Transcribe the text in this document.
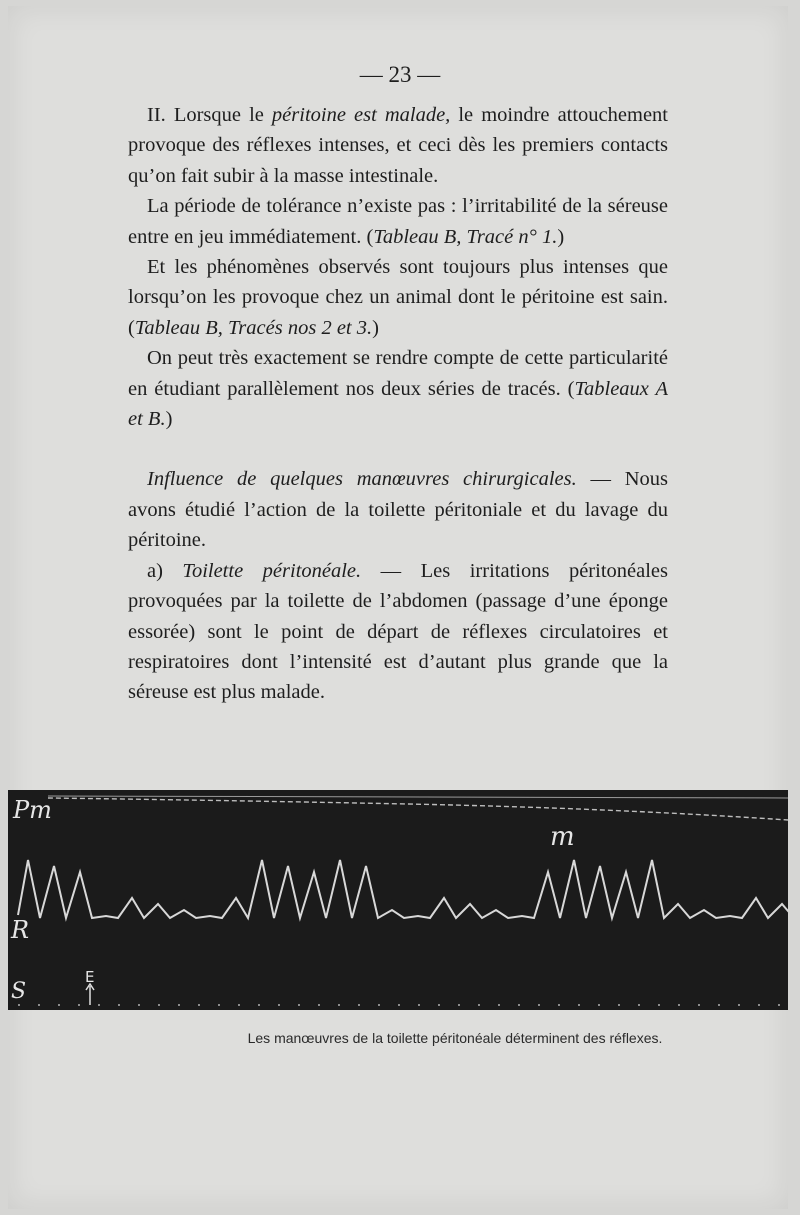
— 23 —

II. Lorsque le péritoine est malade, le moindre attouchement provoque des réflexes intenses, et ceci dès les premiers contacts qu’on fait subir à la masse intestinale.

La période de tolérance n’existe pas : l’irritabilité de la séreuse entre en jeu immédiatement. (Tableau B, Tracé n° 1.)

Et les phénomènes observés sont toujours plus intenses que lorsqu’on les provoque chez un animal dont le péritoine est sain. (Tableau B, Tracés nos 2 et 3.)

On peut très exactement se rendre compte de cette particularité en étudiant parallèlement nos deux séries de tracés. (Tableaux A et B.)

Influence de quelques manœuvres chirurgicales. — Nous avons étudié l’action de la toilette péritoniale et du lavage du péritoine.

a) Toilette péritonéale. — Les irritations péritonéales provoquées par la toilette de l’abdomen (passage d’une éponge essorée) sont le point de départ de réflexes circulatoires et respiratoires dont l’intensité est d’autant plus grande que la séreuse est plus malade.

Pm
m
R
S
E
Les manœuvres de la toilette péritonéale déterminent des réflexes.
